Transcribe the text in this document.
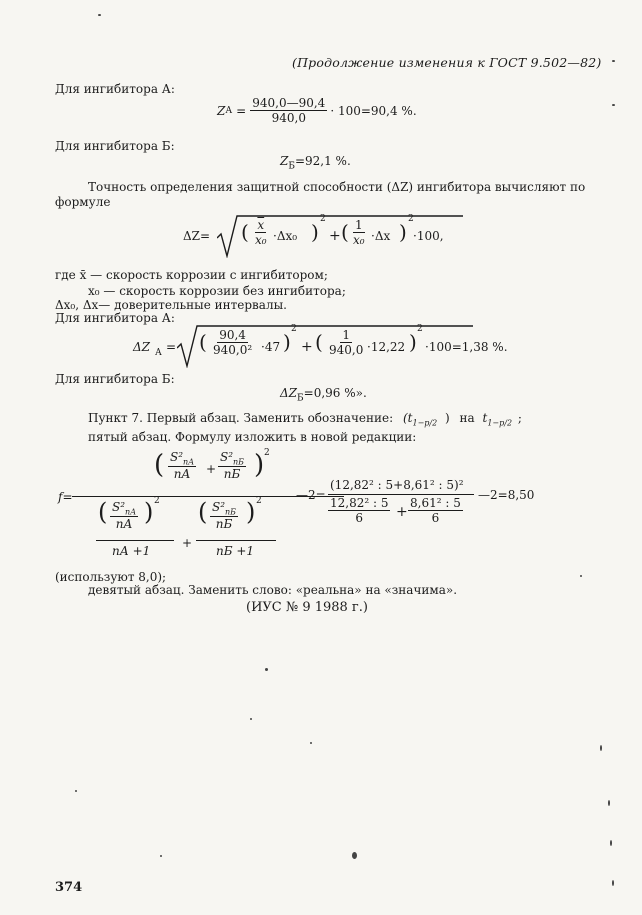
(Продолжение изменения к ГОСТ 9.502—82)
Для ингибитора А:
Z $А = \frac{940,0—90,4}{940,0} \cdot 100=90,4$ %.
Для ингибитора Б:
$Z_Б=92,1$ %.
Точность определения защитной способности (ΔZ) ингибитора вычисляют по
формуле
ΔZ= ( $\frac{\overline{x}}{\text{x₀}} \cdot\Delta x_0$ )
2
+ ( $\frac{1}{\text{x₀}} \cdot\Delta x$ )
2
·100,
где x̄ — скорость коррозии с ингибитором;
x₀ — скорость коррозии без ингибитора;
Δx₀, Δx— доверительные интервалы.
Для ингибитора А:
ΔZ А = ( $\frac{90,4}{\text{940,0²}} \cdot 47$ )
2
+ ( $\frac{1}{940,0} \cdot 12,22$ )
2
·100=1,38 %.
Для ингибитора Б:
$\Delta Z_Б=0,96$ %».
Пункт 7. Первый абзац. Заменить обозначение: ($t_{1-p/2}$ ) на $t_{1-p/2}$ ;
пятый абзац. Формулу изложить в новой редакции:
f=
( $S^2_{nА}$
nА +
$S^2_{nБ}$
nБ ) 2
( $S^2_{nА}$
nА ) 2
nА +1
+
( $S^2_{nБ}$
nБ ) 2
nБ +1
—2=
(12,82² : 5+8,61² : 5)²
$\frac{\text{12,82² : 5}}{6} + \frac{\text{8,61² : 5}}{6}$
—2=8,50
(используют 8,0);
девятый абзац. Заменить слово: «реальна» на «значима».
(ИУС № 9 1988 г.)
374
